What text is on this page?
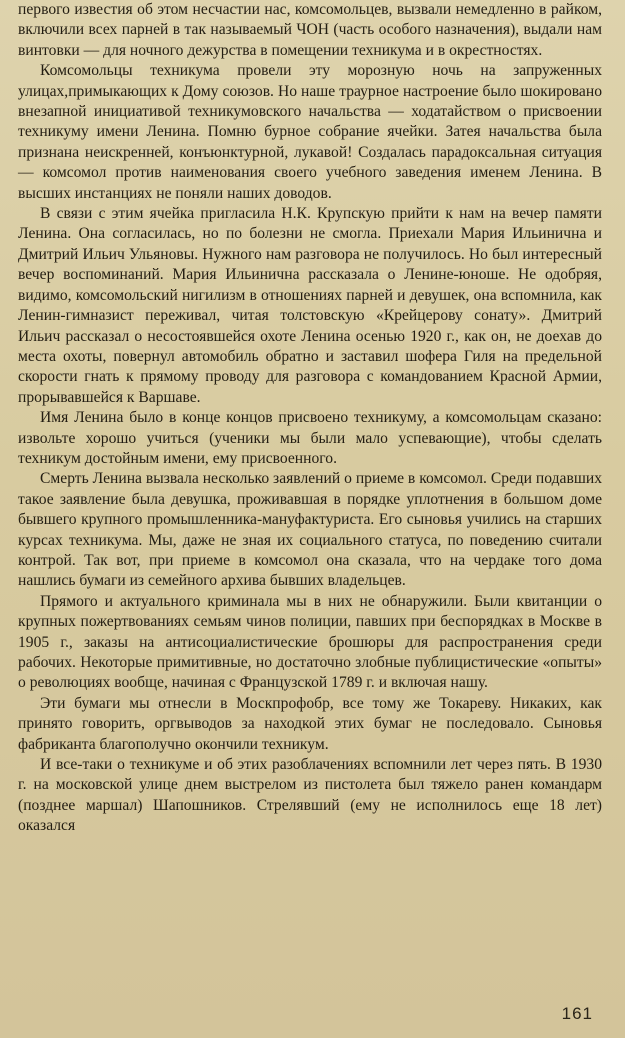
первого известия об этом несчастии нас, комсомольцев, вызвали немедленно в райком, включили всех парней в так называемый ЧОН (часть особого назначения), выдали нам винтовки — для ночного дежурства в помещении техникума и в окрестностях.

Комсомольцы техникума провели эту морозную ночь на запруженных улицах,примыкающих к Дому союзов. Но наше траурное настроение было шокировано внезапной инициативой техникумовского начальства — ходатайством о присвоении техникуму имени Ленина. Помню бурное собрание ячейки. Затея начальства была признана неискренней, конъюнктурной, лукавой! Создалась парадоксальная ситуация — комсомол против наименования своего учебного заведения именем Ленина. В высших инстанциях не поняли наших доводов.

В связи с этим ячейка пригласила Н.К. Крупскую прийти к нам на вечер памяти Ленина. Она согласилась, но по болезни не смогла. Приехали Мария Ильинична и Дмитрий Ильич Ульяновы. Нужного нам разговора не получилось. Но был интересный вечер воспоминаний. Мария Ильинична рассказала о Ленине-юноше. Не одобряя, видимо, комсомольский нигилизм в отношениях парней и девушек, она вспомнила, как Ленин-гимназист переживал, читая толстовскую «Крейцерову сонату». Дмитрий Ильич рассказал о несостоявшейся охоте Ленина осенью 1920 г., как он, не доехав до места охоты, повернул автомобиль обратно и заставил шофера Гиля на предельной скорости гнать к прямому проводу для разговора с командованием Красной Армии, прорывавшейся к Варшаве.

Имя Ленина было в конце концов присвоено техникуму, а комсомольцам сказано: извольте хорошо учиться (ученики мы были мало успевающие), чтобы сделать техникум достойным имени, ему присвоенного.

Смерть Ленина вызвала несколько заявлений о приеме в комсомол. Среди подавших такое заявление была девушка, проживавшая в порядке уплотнения в большом доме бывшего крупного промышленника-мануфактуриста. Его сыновья учились на старших курсах техникума. Мы, даже не зная их социального статуса, по поведению считали контрой. Так вот, при приеме в комсомол она сказала, что на чердаке того дома нашлись бумаги из семейного архива бывших владельцев.

Прямого и актуального криминала мы в них не обнаружили. Были квитанции о крупных пожертвованиях семьям чинов полиции, павших при беспорядках в Москве в 1905 г., заказы на антисоциалистические брошюры для распространения среди рабочих. Некоторые примитивные, но достаточно злобные публицистические «опыты» о революциях вообще, начиная с Французской 1789 г. и включая нашу.

Эти бумаги мы отнесли в Москпрофобр, все тому же Токареву. Никаких, как принято говорить, оргвыводов за находкой этих бумаг не последовало. Сыновья фабриканта благополучно окончили техникум.

И все-таки о техникуме и об этих разоблачениях вспомнили лет через пять. В 1930 г. на московской улице днем выстрелом из пистолета был тяжело ранен командарм (позднее маршал) Шапошников. Стрелявший (ему не исполнилось еще 18 лет) оказался

161
